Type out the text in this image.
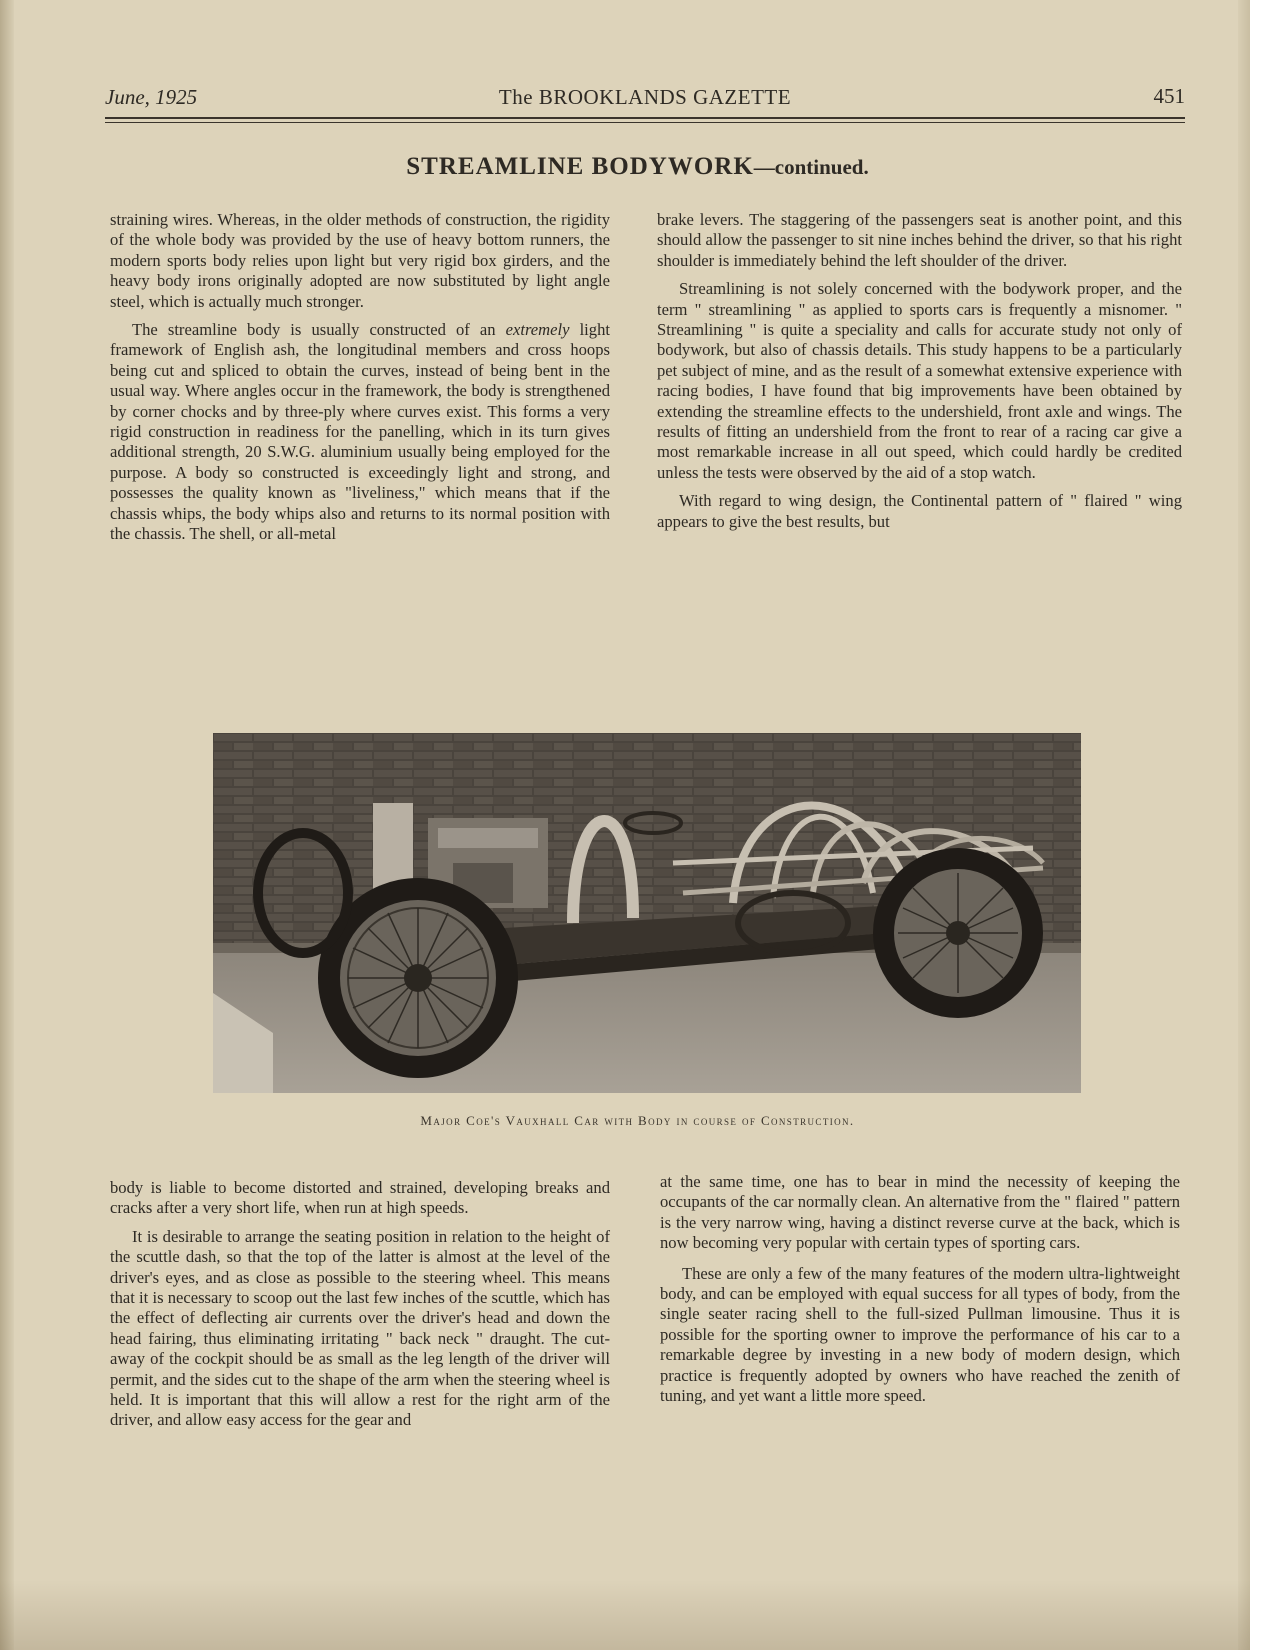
June, 1925	The BROOKLANDS GAZETTE	451
STREAMLINE BODYWORK—continued.

straining wires. Whereas, in the older methods of construction, the rigidity of the whole body was provided by the use of heavy bottom runners, the modern sports body relies upon light but very rigid box girders, and the heavy body irons originally adopted are now substituted by light angle steel, which is actually much stronger.

The streamline body is usually constructed of an extremely light framework of English ash, the longitudinal members and cross hoops being cut and spliced to obtain the curves, instead of being bent in the usual way. Where angles occur in the framework, the body is strengthened by corner chocks and by three-ply where curves exist. This forms a very rigid construction in readiness for the panelling, which in its turn gives additional strength, 20 S.W.G. aluminium usually being employed for the purpose. A body so constructed is exceedingly light and strong, and possesses the quality known as "liveliness," which means that if the chassis whips, the body whips also and returns to its normal position with the chassis. The shell, or all-metal

brake levers. The staggering of the passengers seat is another point, and this should allow the passenger to sit nine inches behind the driver, so that his right shoulder is immediately behind the left shoulder of the driver.

Streamlining is not solely concerned with the bodywork proper, and the term " streamlining " as applied to sports cars is frequently a misnomer. " Streamlining " is quite a speciality and calls for accurate study not only of bodywork, but also of chassis details. This study happens to be a particularly pet subject of mine, and as the result of a somewhat extensive experience with racing bodies, I have found that big improvements have been obtained by extending the streamline effects to the undershield, front axle and wings. The results of fitting an undershield from the front to rear of a racing car give a most remarkable increase in all out speed, which could hardly be credited unless the tests were observed by the aid of a stop watch.

With regard to wing design, the Continental pattern of " flaired " wing appears to give the best results, but

Major Coe's Vauxhall Car with Body in course of Construction.

body is liable to become distorted and strained, developing breaks and cracks after a very short life, when run at high speeds.

It is desirable to arrange the seating position in relation to the height of the scuttle dash, so that the top of the latter is almost at the level of the driver's eyes, and as close as possible to the steering wheel. This means that it is necessary to scoop out the last few inches of the scuttle, which has the effect of deflecting air currents over the driver's head and down the head fairing, thus eliminating irritating " back neck " draught. The cut-away of the cockpit should be as small as the leg length of the driver will permit, and the sides cut to the shape of the arm when the steering wheel is held. It is important that this will allow a rest for the right arm of the driver, and allow easy access for the gear and

at the same time, one has to bear in mind the necessity of keeping the occupants of the car normally clean. An alternative from the " flaired " pattern is the very narrow wing, having a distinct reverse curve at the back, which is now becoming very popular with certain types of sporting cars.

These are only a few of the many features of the modern ultra-lightweight body, and can be employed with equal success for all types of body, from the single seater racing shell to the full-sized Pullman limousine. Thus it is possible for the sporting owner to improve the performance of his car to a remarkable degree by investing in a new body of modern design, which practice is frequently adopted by owners who have reached the zenith of tuning, and yet want a little more speed.
